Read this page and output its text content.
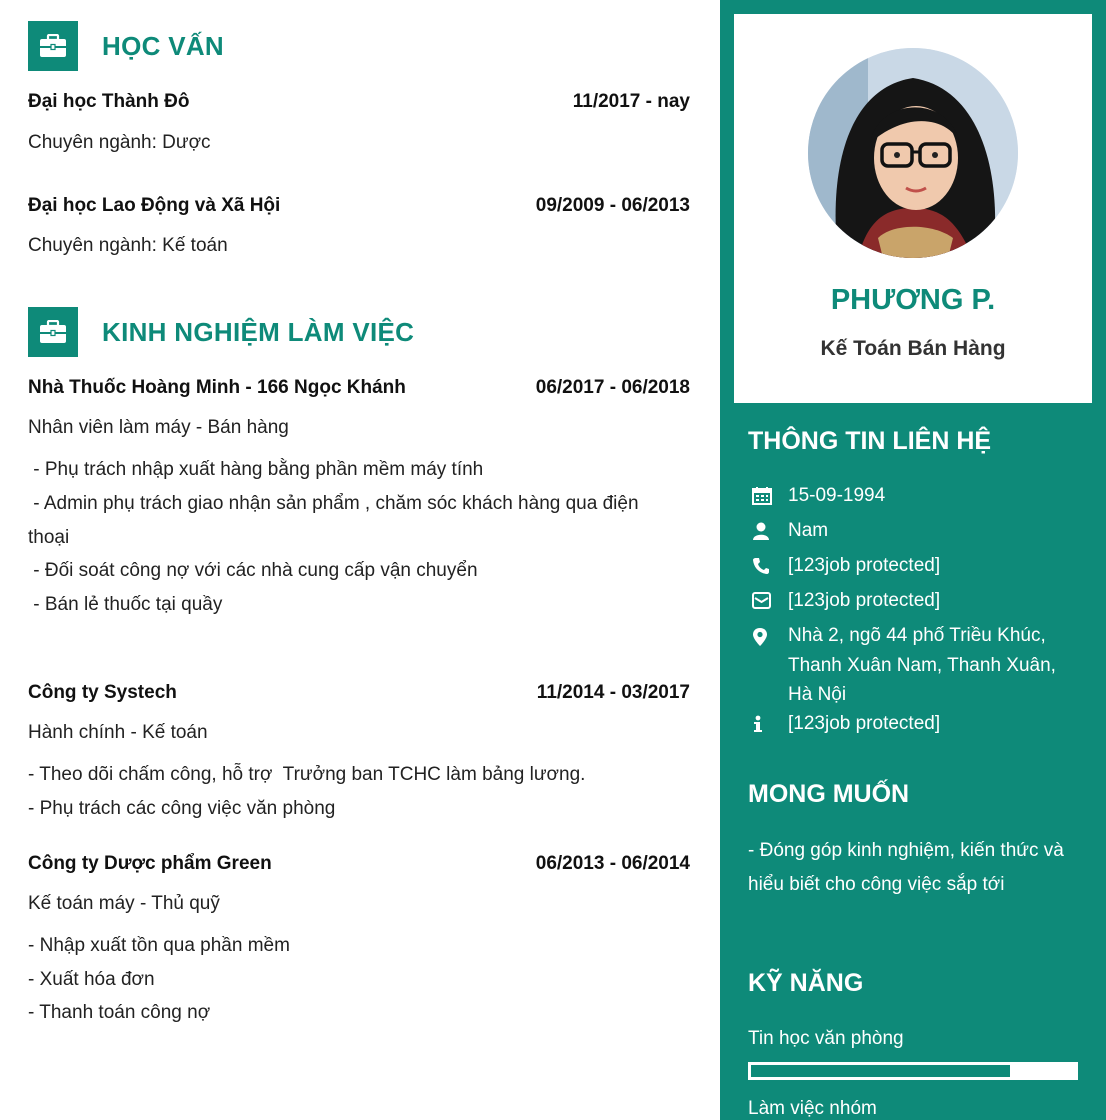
HỌC VẤN
Đại học Thành Đô	11/2017 - nay
Chuyên ngành: Dược
Đại học Lao Động và Xã Hội	09/2009 - 06/2013
Chuyên ngành: Kế toán
KINH NGHIỆM LÀM VIỆC
Nhà Thuốc Hoàng Minh - 166 Ngọc Khánh	06/2017 - 06/2018
Nhân viên làm máy - Bán hàng
- Phụ trách nhập xuất hàng bằng phần mềm máy tính
- Admin phụ trách giao nhận sản phẩm , chăm sóc khách hàng qua điện
thoại
- Đối soát công nợ với các nhà cung cấp vận chuyển
- Bán lẻ thuốc tại quầy
Công ty Systech	11/2014 - 03/2017
Hành chính - Kế toán
- Theo dõi chấm công, hỗ trợ  Trưởng ban TCHC làm bảng lương.
- Phụ trách các công việc văn phòng
Công ty Dược phẩm Green	06/2013 - 06/2014
Kế toán máy - Thủ quỹ
- Nhập xuất tồn qua phần mềm
- Xuất hóa đơn
- Thanh toán công nợ
PHƯƠNG P.
Kế Toán Bán Hàng
THÔNG TIN LIÊN HỆ
15-09-1994
Nam
[123job protected]
[123job protected]
Nhà 2, ngõ 44 phố Triều Khúc, Thanh Xuân Nam, Thanh Xuân, Hà Nội
[123job protected]
MONG MUỐN
- Đóng góp kinh nghiệm, kiến thức và hiểu biết cho công việc sắp tới
KỸ NĂNG
Tin học văn phòng
Làm việc nhóm
